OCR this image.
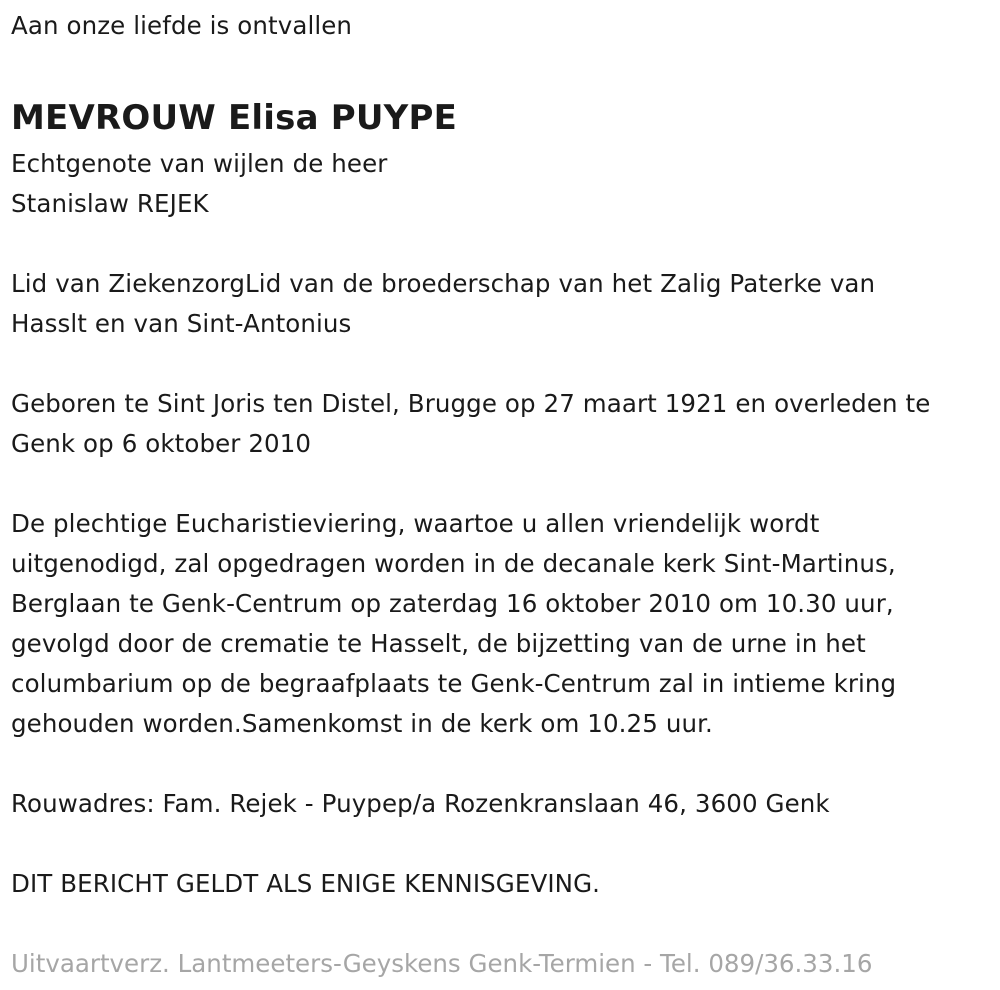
Aan onze liefde is ontvallen
MEVROUW Elisa PUYPE
Echtgenote van wijlen de heer
Stanislaw REJEK
Lid van ZiekenzorgLid van de broederschap van het Zalig Paterke van
Hasslt en van Sint-Antonius
Geboren te Sint Joris ten Distel, Brugge op 27 maart 1921 en overleden te
Genk op 6 oktober 2010
De plechtige Eucharistieviering, waartoe u allen vriendelijk wordt
uitgenodigd, zal opgedragen worden in de decanale kerk Sint-Martinus,
Berglaan te Genk-Centrum op zaterdag 16 oktober 2010 om 10.30 uur,
gevolgd door de crematie te Hasselt, de bijzetting van de urne in het
columbarium op de begraafplaats te Genk-Centrum zal in intieme kring
gehouden worden.Samenkomst in de kerk om 10.25 uur.
Rouwadres: Fam. Rejek - Puypep/a Rozenkranslaan 46, 3600 Genk
DIT BERICHT GELDT ALS ENIGE KENNISGEVING.
Uitvaartverz. Lantmeeters-Geyskens Genk-Termien - Tel. 089/36.33.16
